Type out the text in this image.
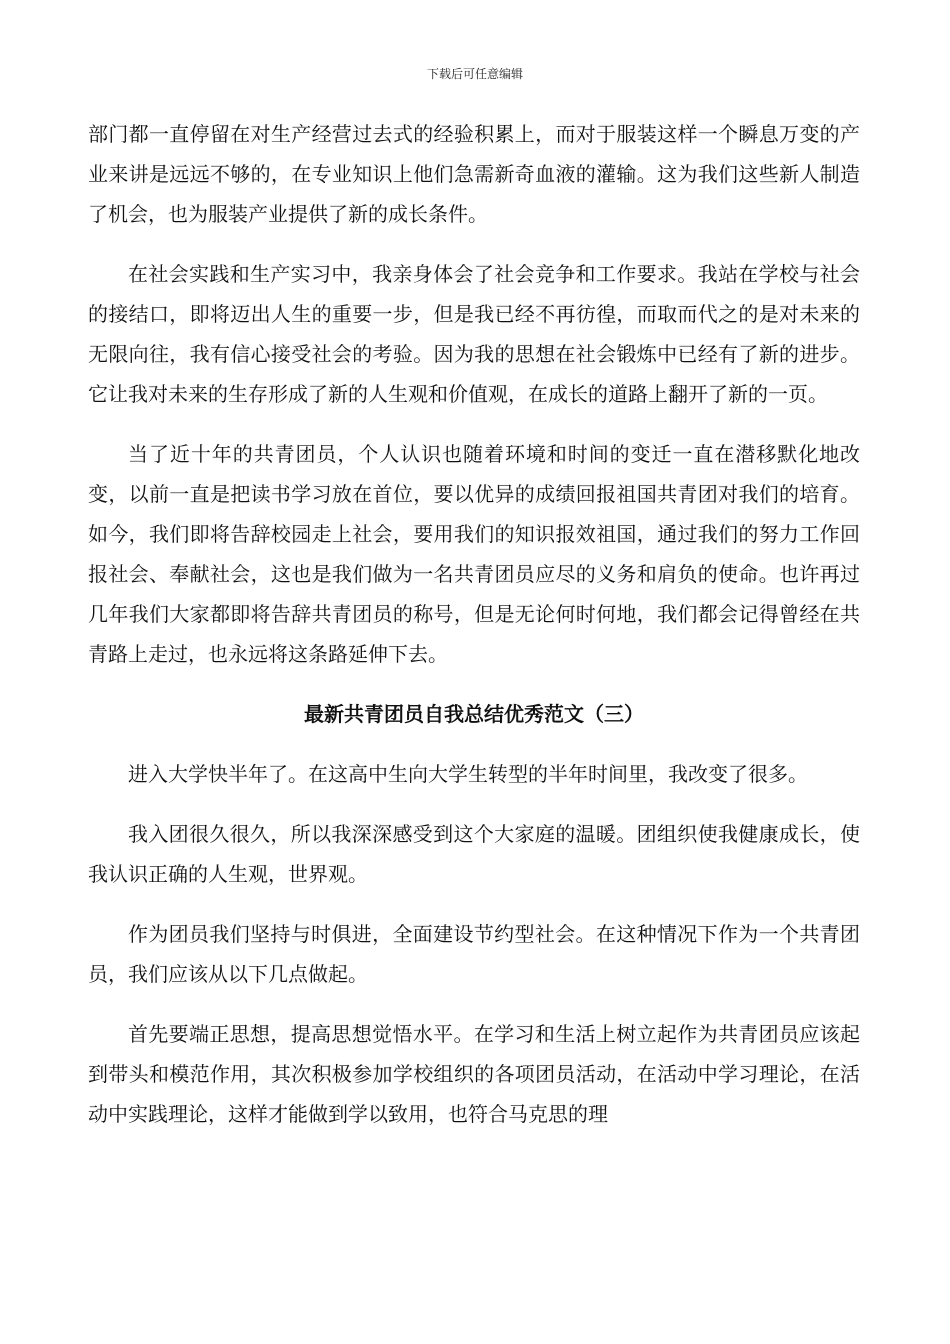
下载后可任意编辑

部门都一直停留在对生产经营过去式的经验积累上，而对于服装这样一个瞬息万变的产业来讲是远远不够的，在专业知识上他们急需新奇血液的灌输。这为我们这些新人制造了机会，也为服装产业提供了新的成长条件。

在社会实践和生产实习中，我亲身体会了社会竞争和工作要求。我站在学校与社会的接结口，即将迈出人生的重要一步，但是我已经不再彷徨，而取而代之的是对未来的无限向往，我有信心接受社会的考验。因为我的思想在社会锻炼中已经有了新的进步。它让我对未来的生存形成了新的人生观和价值观，在成长的道路上翻开了新的一页。

当了近十年的共青团员，个人认识也随着环境和时间的变迁一直在潜移默化地改变，以前一直是把读书学习放在首位，要以优异的成绩回报祖国共青团对我们的培育。如今，我们即将告辞校园走上社会，要用我们的知识报效祖国，通过我们的努力工作回报社会、奉献社会，这也是我们做为一名共青团员应尽的义务和肩负的使命。也许再过几年我们大家都即将告辞共青团员的称号，但是无论何时何地，我们都会记得曾经在共青路上走过，也永远将这条路延伸下去。

最新共青团员自我总结优秀范文（三）

进入大学快半年了。在这高中生向大学生转型的半年时间里，我改变了很多。

我入团很久很久，所以我深深感受到这个大家庭的温暖。团组织使我健康成长，使我认识正确的人生观，世界观。

作为团员我们坚持与时俱进，全面建设节约型社会。在这种情况下作为一个共青团员，我们应该从以下几点做起。

首先要端正思想，提高思想觉悟水平。在学习和生活上树立起作为共青团员应该起到带头和模范作用，其次积极参加学校组织的各项团员活动，在活动中学习理论，在活动中实践理论，这样才能做到学以致用，也符合马克思的理
